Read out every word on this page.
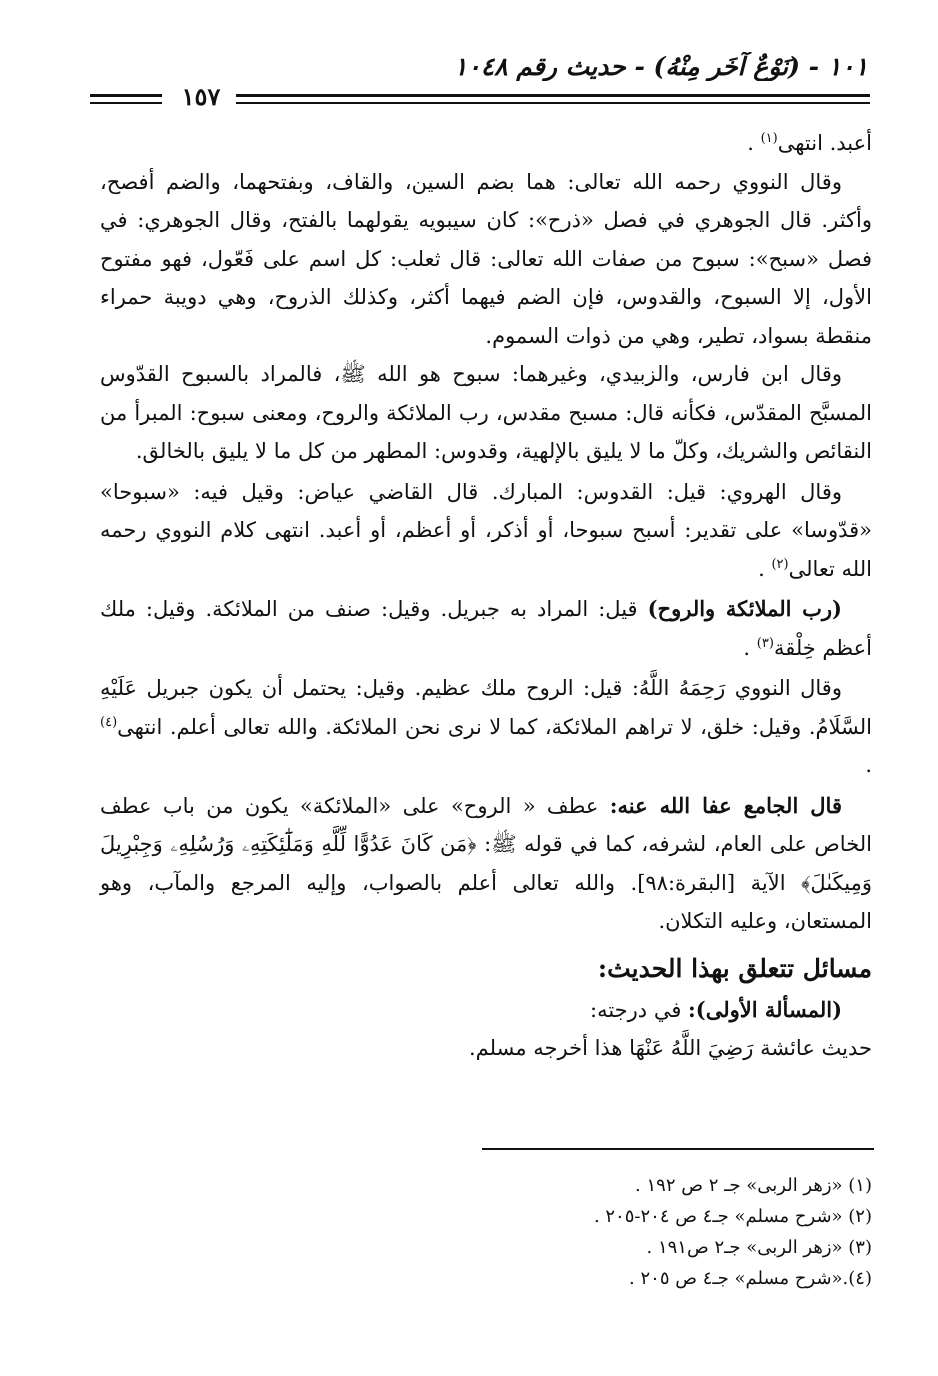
١٠١ - (نَوْعٌ آخَر مِنْهُ) - حديث رقم ١٠٤٨
١٥٧

أعبد. انتهى$^{(١)}$ .

وقال النووي رحمه الله تعالى: هما بضم السين، والقاف، وبفتحهما، والضم أفصح، وأكثر. قال الجوهري في فصل «ذرح»: كان سيبويه يقولهما بالفتح، وقال الجوهري: في فصل «سبح»: سبوح من صفات الله تعالى: قال ثعلب: كل اسم على فَعّول، فهو مفتوح الأول، إلا السبوح، والقدوس، فإن الضم فيهما أكثر، وكذلك الذروح، وهي دويبة حمراء منقطة بسواد، تطير، وهي من ذوات السموم.

وقال ابن فارس، والزبيدي، وغيرهما: سبوح هو الله ﷺ، فالمراد بالسبوح القدّوس المسبَّح المقدّس، فكأنه قال: مسبح مقدس، رب الملائكة والروح، ومعنى سبوح: المبرأ من النقائص والشريك، وكلّ ما لا يليق بالإلهية، وقدوس: المطهر من كل ما لا يليق بالخالق.

وقال الهروي: قيل: القدوس: المبارك. قال القاضي عياض: وقيل فيه: «سبوحا» «قدّوسا» على تقدير: أسبح سبوحا، أو أذكر، أو أعظم، أو أعبد. انتهى كلام النووي رحمه الله تعالى$^{(٢)}$ .

(رب الملائكة والروح) قيل: المراد به جبريل. وقيل: صنف من الملائكة. وقيل: ملك أعظم خِلْقة$^{(٣)}$ .

وقال النووي رَحِمَهُ اللَّهُ: قيل: الروح ملك عظيم. وقيل: يحتمل أن يكون جبريل عَلَيْهِ السَّلَامُ. وقيل: خلق، لا تراهم الملائكة، كما لا نرى نحن الملائكة. والله تعالى أعلم. انتهى$^{(٤)}$ .

قال الجامع عفا الله عنه: عطف « الروح» على «الملائكة» يكون من باب عطف الخاص على العام، لشرفه، كما في قوله ﷺ: ﴿مَن كَانَ عَدُوًّا لِّلَّهِ وَمَلَٰٓئِكَتِهِۦ وَرُسُلِهِۦ وَجِبْرِيلَ وَمِيكَىٰلَ﴾ الآية [البقرة:٩٨]. والله تعالى أعلم بالصواب، وإليه المرجع والمآب، وهو المستعان، وعليه التكلان.

مسائل تتعلق بهذا الحديث:

(المسألة الأولى): في درجته:

حديث عائشة رَضِيَ اللَّهُ عَنْهَا هذا أخرجه مسلم.

(١) «زهر الربى» جـ ٢ ص ١٩٢ .
(٢) «شرح مسلم» جـ٤ ص ٢٠٤-٢٠٥ .
(٣) «زهر الربى» جـ٢ ص١٩١ .
(٤).«شرح مسلم» جـ٤ ص ٢٠٥ .
